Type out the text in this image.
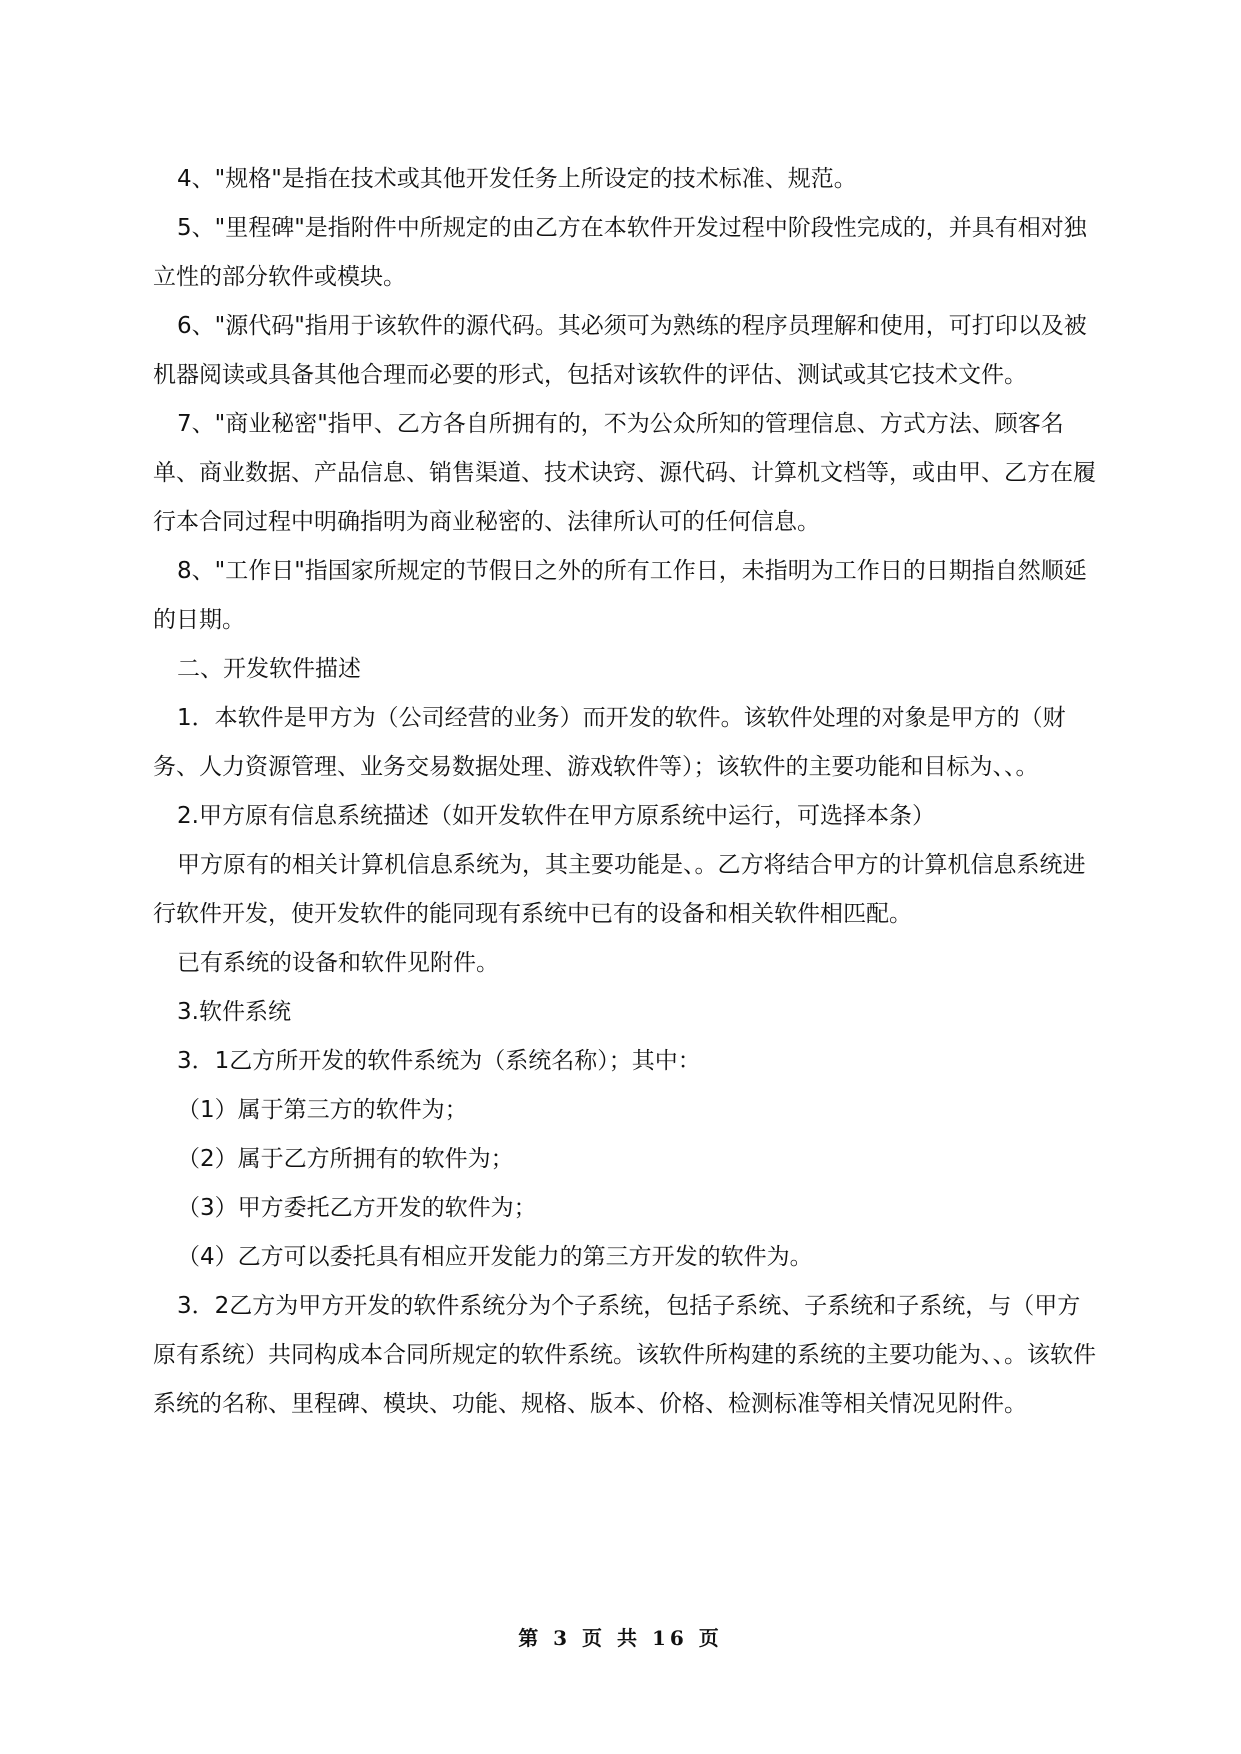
4、"规格"是指在技术或其他开发任务上所设定的技术标准、规范。

5、"里程碑"是指附件中所规定的由乙方在本软件开发过程中阶段性完成的，并具有相对独立性的部分软件或模块。

6、"源代码"指用于该软件的源代码。其必须可为熟练的程序员理解和使用，可打印以及被机器阅读或具备其他合理而必要的形式，包括对该软件的评估、测试或其它技术文件。

7、"商业秘密"指甲、乙方各自所拥有的，不为公众所知的管理信息、方式方法、顾客名单、商业数据、产品信息、销售渠道、技术诀窍、源代码、计算机文档等，或由甲、乙方在履行本合同过程中明确指明为商业秘密的、法律所认可的任何信息。

8、"工作日"指国家所规定的节假日之外的所有工作日，未指明为工作日的日期指自然顺延的日期。

二、开发软件描述

1．本软件是甲方为（公司经营的业务）而开发的软件。该软件处理的对象是甲方的（财务、人力资源管理、业务交易数据处理、游戏软件等）；该软件的主要功能和目标为、、。

2.甲方原有信息系统描述（如开发软件在甲方原系统中运行，可选择本条）

甲方原有的相关计算机信息系统为，其主要功能是、。乙方将结合甲方的计算机信息系统进行软件开发，使开发软件的能同现有系统中已有的设备和相关软件相匹配。

已有系统的设备和软件见附件。

3.软件系统

3．1乙方所开发的软件系统为（系统名称）；其中：

（1）属于第三方的软件为；

（2）属于乙方所拥有的软件为；

（3）甲方委托乙方开发的软件为；

（4）乙方可以委托具有相应开发能力的第三方开发的软件为。

3．2乙方为甲方开发的软件系统分为个子系统，包括子系统、子系统和子系统，与（甲方原有系统）共同构成本合同所规定的软件系统。该软件所构建的系统的主要功能为、、。该软件系统的名称、里程碑、模块、功能、规格、版本、价格、检测标准等相关情况见附件。

第 3 页 共 16 页
